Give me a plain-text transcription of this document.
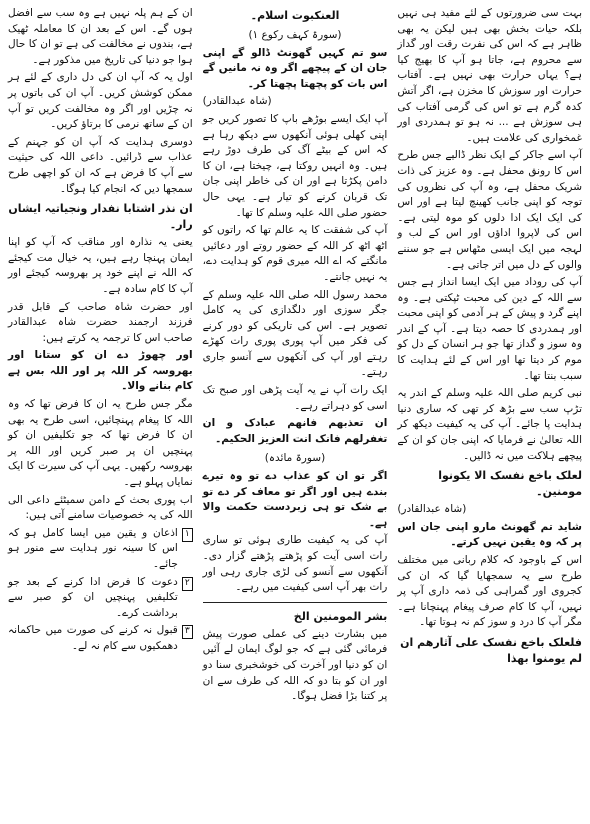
بہت سی ضرورتوں کے لئے مفید ہی نہیں بلکہ حیات بخش بھی ہیں لیکن یہ بھی ظاہر ہے کہ اس کی نفرت رقت اور گداز سے محروم ہے، جاتا ہو آپ کا بھیج کیا ہے؟ یہاں حرارت بھی نہیں ہے۔ آفتاب حرارت اور سوزش کا مخزن ہے، اگر آتش کدہ گرم ہے تو اس کی گرمی آفتاب کی ہی سوزش ہے ... نہ ہو تو ہمدردی اور غمخواری کی علامت ہیں۔

آپ اسے جاکر کے ایک نظر ڈالیے جس طرح اس کا رونق محفل ہے۔ وہ عزیز کی ذات شریک محفل ہے، وہ آپ کی نظروں کی توجہ کو اپنی جانب کھینچ لیتا ہے اور اس کی ایک ایک ادا دلوں کو موہ لیتی ہے۔ اس کی لاپروا اداؤں اور اس کے لب و لہجہ میں ایک ایسی مٹھاس ہے جو سننے والوں کے دل میں اتر جاتی ہے۔

آپ کی روداد میں ایک ایسا انداز ہے جس سے اللہ کے دین کی محبت ٹپکتی ہے۔ وہ اپنے گرد و پیش کے ہر آدمی کو اپنی محبت اور ہمدردی کا حصہ دیتا ہے۔ آپ کے اندر وہ سوز و گداز تھا جو ہر انسان کے دل کو موم کر دیتا تھا اور اس کے لئے ہدایت کا سبب بنتا تھا۔

نبی کریم صلی اللہ علیہ وسلم کے اندر یہ تڑپ سب سے بڑھ کر تھی کہ ساری دنیا ہدایت پا جائے۔ آپ کی یہ کیفیت دیکھ کر اللہ تعالیٰ نے فرمایا کہ اپنی جان کو ان کے پیچھے ہلاکت میں نہ ڈالیں۔

لعلک باخع نفسک الا یکونوا مومنین۔
(شاہ عبدالقادر)

شاید تم گھونٹ مارو اپنی جان اس پر کہ وہ یقین نہیں کرتے۔

اس کے باوجود کہ کلام ربانی میں مختلف طرح سے یہ سمجھایا گیا کہ ان کی کجروی اور گمراہی کی ذمہ داری آپ پر نہیں، آپ کا کام صرف پیغام پہنچانا ہے۔ مگر آپ کا درد و سوز کم نہ ہوتا تھا۔

فلعلک باخع نفسک علی آثارھم ان لم یومنوا بھذا
العنکبوت اسلام۔
(سورۃ کہف رکوع ۱)

سو تم کہیں گھونٹ ڈالو گے اپنی جان ان کے پیچھے اگر وہ نہ مانیں گے اس بات کو پچھتا پچھتا کر۔

(شاہ عبدالقادر)

آپ ایک ایسے بوڑھے باپ کا تصور کریں جو اپنی کھلی ہوئی آنکھوں سے دیکھ رہا ہے کہ اس کے بیٹے آگ کی طرف دوڑ رہے ہیں۔ وہ انہیں روکتا ہے، چیختا ہے، ان کا دامن پکڑتا ہے اور ان کی خاطر اپنی جان تک قربان کرنے کو تیار ہے۔ یہی حال حضور صلی اللہ علیہ وسلم کا تھا۔

آپ کی شفقت کا یہ عالم تھا کہ راتوں کو اٹھ اٹھ کر اللہ کے حضور روتے اور دعائیں مانگتے کہ اے اللہ میری قوم کو ہدایت دے، یہ نہیں جانتے۔

محمد رسول اللہ صلی اللہ علیہ وسلم کے جگر سوزی اور دلگدازی کی یہ کامل تصویر ہے۔ اس کی تاریکی کو دور کرنے کی فکر میں آپ پوری پوری رات کھڑے رہتے اور آپ کی آنکھوں سے آنسو جاری رہتے۔

ایک رات آپ نے یہ آیت پڑھی اور صبح تک اسی کو دہراتے رہے۔

ان تعذبھم فانھم عبادک و ان تغفرلھم فانک انت العزیز الحکیم۔

(سورۃ مائدہ)

اگر تو ان کو عذاب دے تو وہ تیرے بندے ہیں اور اگر تو معاف کر دے تو بے شک تو ہی زبردست حکمت والا ہے۔

آپ کی یہ کیفیت طاری ہوئی تو ساری رات اسی آیت کو پڑھتے پڑھتے گزار دی۔ آنکھوں سے آنسو کی لڑی جاری رہی اور رات بھر آپ اسی کیفیت میں رہے۔

بشر المومنین الخ

میں بشارت دینے کی عملی صورت پیش فرمائی گئی ہے کہ جو لوگ ایمان لے آئیں ان کو دنیا اور آخرت کی خوشخبری سنا دو اور ان کو بتا دو کہ اللہ کی طرف سے ان پر کتنا بڑا فضل ہوگا۔

ان کے ہم پلہ نہیں ہے وہ سب سے افضل ہوں گے۔ اس کے بعد ان کا معاملہ ٹھیک ہے، بندوں نے مخالفت کی ہے تو ان کا حال ہوا جو دنیا کی تاریخ میں مذکور ہے۔

اول یہ کہ آپ ان کی دل داری کے لئے ہر ممکن کوشش کریں۔ آپ ان کی باتوں پر نہ چڑیں اور اگر وہ مخالفت کریں تو آپ ان کے ساتھ نرمی کا برتاؤ کریں۔

دوسری ہدایت کہ آپ ان کو جہنم کے عذاب سے ڈرائیں۔ داعی اللہ کی حیثیت سے آپ کا فرض ہے کہ ان کو اچھی طرح سمجھا دیں کہ انجام کیا ہوگا۔

ان نذر اشتابا نفدار ونجیاتیہ ایشاں رار۔

یعنی یہ نذارہ اور مناقب کہ آپ کو اپنا ایمان پہنچا رہے ہیں، یہ خیال مت کیجئے کہ اللہ نے اپنے خود پر بھروسہ کیجئے اور آپ کا کام سادہ ہے۔

اور حضرت شاہ صاحب کے قابل قدر فرزند ارجمند حضرت شاہ عبدالقادر صاحب اس کا ترجمہ یہ کرتے ہیں:

اور چھوڑ دے ان کو ستانا اور بھروسہ کر اللہ پر اور اللہ بس ہے کام بنانے والا۔

مگر جس طرح یہ ان کا فرض تھا کہ وہ اللہ کا پیغام پہنچائیں، اسی طرح یہ بھی ان کا فرض تھا کہ جو تکلیفیں ان کو پہنچیں ان پر صبر کریں اور اللہ پر بھروسہ رکھیں۔ یہی آپ کی سیرت کا ایک نمایاں پہلو ہے۔

اب پوری بحث کے دامن سمیٹئے داعی الی اللہ کی یہ خصوصیات سامنے آتی ہیں:

۱
اذعان و یقین میں ایسا کامل ہو کہ اس کا سینہ نور ہدایت سے منور ہو جائے۔
۲
دعوت کا فرض ادا کرنے کے بعد جو تکلیفیں پہنچیں ان کو صبر سے برداشت کرے۔
۳
قبول نہ کرنے کی صورت میں حاکمانہ دھمکیوں سے کام نہ لے۔
